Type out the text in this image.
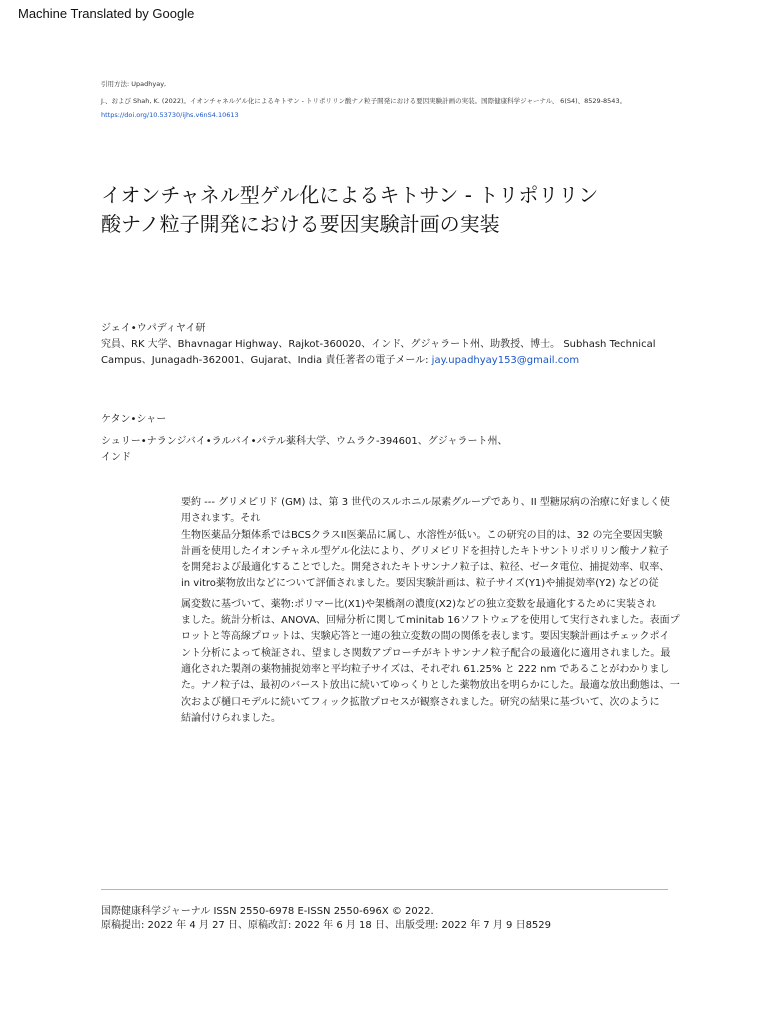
Machine Translated by Google
引用方法: Upadhyay,
J.、および Shah, K. (2022)。イオンチャネルゲル化によるキトサン - トリポリリン酸ナノ粒子開発における要因実験計画の実装。国際健康科学ジャーナル、 6(S4)、8529-8543。
https://doi.org/10.53730/ijhs.v6nS4.10613
イオンチャネル型ゲル化によるキトサン - トリポリリン
酸ナノ粒子開発における要因実験計画の実装
ジェイ•ウパディヤイ研
究員、RK 大学、Bhavnagar Highway、Rajkot-360020、インド、グジャラート州、助教授、博士。 Subhash Technical
Campus、Junagadh-362001、Gujarat、India 責任著者の電子メール: jay.upadhyay153@gmail.com
ケタン•シャー
シュリー•ナランジバイ•ラルバイ•パテル薬科大学、ウムラク-394601、グジャラート州、
インド
要約 --- グリメピリド (GM) は、第 3 世代のスルホニル尿素グループであり、II 型糖尿病の治療に好ましく使
用されます。それ
生物医薬品分類体系ではBCSクラスII医薬品に属し、水溶性が低い。この研究の目的は、32 の完全要因実験
計画を使用したイオンチャネル型ゲル化法により、グリメピリドを担持したキトサントリポリリン酸ナノ粒子
を開発および最適化することでした。開発されたキトサンナノ粒子は、粒径、ゼータ電位、捕捉効率、収率、
in vitro薬物放出などについて評価されました。要因実験計画は、粒子サイズ(Y1)や捕捉効率(Y2) などの従
属変数に基づいて、薬物:ポリマー比(X1)や架橋剤の濃度(X2)などの独立変数を最適化するために実装され
ました。統計分析は、ANOVA、回帰分析に関してminitab 16ソフトウェアを使用して実行されました。表面プ
ロットと等高線プロットは、実験応答と一連の独立変数の間の関係を表します。要因実験計画はチェックポイ
ント分析によって検証され、望ましさ関数アプローチがキトサンナノ粒子配合の最適化に適用されました。最
適化された製剤の薬物捕捉効率と平均粒子サイズは、それぞれ 61.25% と 222 nm であることがわかりまし
た。ナノ粒子は、最初のバースト放出に続いてゆっくりとした薬物放出を明らかにした。最適な放出動態は、一
次および樋口モデルに続いてフィック拡散プロセスが観察されました。研究の結果に基づいて、次のように
結論付けられました。
国際健康科学ジャーナル ISSN 2550-6978 E-ISSN 2550-696X © 2022.
原稿提出: 2022 年 4 月 27 日、原稿改訂: 2022 年 6 月 18 日、出版受理: 2022 年 7 月 9 日8529
